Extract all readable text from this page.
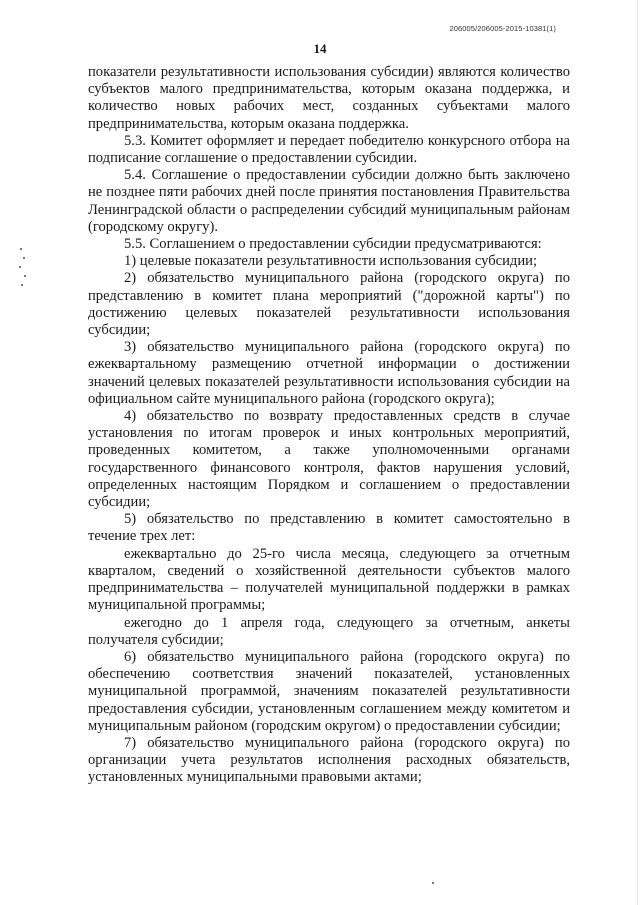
206005/206005-2015-10381(1)
14

показатели результативности использования субсидии) являются количество субъектов малого предпринимательства, которым оказана поддержка, и количество новых рабочих мест, созданных субъектами малого предпринимательства, которым оказана поддержка.

5.3. Комитет оформляет и передает победителю конкурсного отбора на подписание соглашение о предоставлении субсидии.

5.4. Соглашение о предоставлении субсидии должно быть заключено не позднее пяти рабочих дней после принятия постановления Правительства Ленинградской области о распределении субсидий муниципальным районам (городскому округу).

5.5. Соглашением о предоставлении субсидии предусматриваются:

1) целевые показатели результативности использования субсидии;

2) обязательство муниципального района (городского округа) по представлению в комитет плана мероприятий ("дорожной карты") по достижению целевых показателей результативности использования субсидии;

3) обязательство муниципального района (городского округа) по ежеквартальному размещению отчетной информации о достижении значений целевых показателей результативности использования субсидии на официальном сайте муниципального района (городского округа);

4) обязательство по возврату предоставленных средств в случае установления по итогам проверок и иных контрольных мероприятий, проведенных комитетом, а также уполномоченными органами государственного финансового контроля, фактов нарушения условий, определенных настоящим Порядком и соглашением о предоставлении субсидии;

5) обязательство по представлению в комитет самостоятельно в течение трех лет:

ежеквартально до 25-го числа месяца, следующего за отчетным кварталом, сведений о хозяйственной деятельности субъектов малого предпринимательства – получателей муниципальной поддержки в рамках муниципальной программы;

ежегодно до 1 апреля года, следующего за отчетным, анкеты получателя субсидии;

6) обязательство муниципального района (городского округа) по обеспечению соответствия значений показателей, установленных муниципальной программой, значениям показателей результативности предоставления субсидии, установленным соглашением между комитетом и муниципальным районом (городским округом) о предоставлении субсидии;

7) обязательство муниципального района (городского округа) по организации учета результатов исполнения расходных обязательств, установленных муниципальными правовыми актами;
